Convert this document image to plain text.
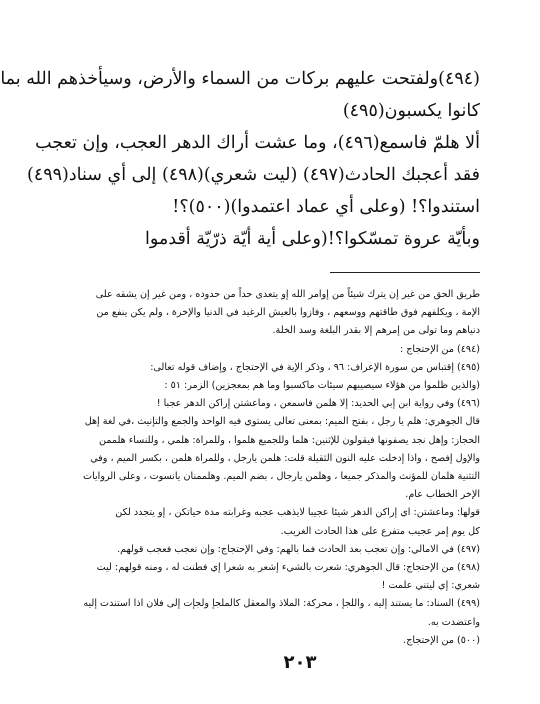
(٤٩٤)ولفتحت عليهم بركات من السماء والأرض، وسيأخذهم الله بما

كانوا يكسبون(٤٩٥)

ألا هلمّ فاسمع(٤٩٦)، وما عشت أراك الدهر العجب، وإن تعجب

فقد أعجبك الحادث(٤٩٧) (ليت شعري)(٤٩٨) إلى أي سناد(٤٩٩)

استندوا؟! (وعلى أي عماد اعتمدوا)(٥٠٠)؟!

وبأيّة عروة تمسّكوا؟!(وعلى أية أيّة ذرّيّة أقدموا

طريق الحق من غير إن يترك شيئاً من إوامر الله إو يتعدى حداً من حدوده ، ومن غير إن يشقه على

الإمة ، ويكلفهم فوق طاقتهم ووسعهم ، وفازوا بالعيش الرغيد في الدنيا والإخرة ، ولم يكن ينفع من

دنياهم وما تولى من إمرهم إلا بقدر البلغة وسد الخلة.

(٤٩٤) من الإحتجاج :

(٤٩٥) إقتباس من سورة الإعراف: ٩٦ ، وذكر الإية في الإحتجاج ، وإضاف قوله تعالى:

(والذين ظلموا من هؤلاء سيصيبهم سيئات ماكسبوا وما هم بمعجزين) الزمر: ٥١ :

(٤٩٦) وفي رواية ابن إبي الحديد: إلا هلمن فاسمعن ، وماعشتن إراكن الدهر عجبا !

قال الجوهري: هلم يا رجل ، بفتح الميم: بمعنى تعالى يستوي فيه الواحد والجمع والتإنيث ،في لغة إهل

الحجاز: وإهل نجد يصفونها فيقولون للإثنين: هلما وللجميع هلموا ، وللمراة: هلمي ، وللنساء هلممن

والإول إفصح ، واذا إدخلت عليه النون الثقيلة قلت: هلمن يارجل ، وللمراة هلمن ، بكسر الميم ، وفي

التثنية هلمان للمؤنث والمذكر جميعا ، وهلمن يارجال ، بضم الميم. وهلممنان يانسوت ، وعلى الروايات

الإخر الخطاب عام.

قولها: وماعشتن: اي إراكن الدهر شيئا عجيبا لايذهب عجبه وغرابته مدة حياتكن ، إو يتجدد لكن

كل يوم إمر عجيب متفرع على هذا الحادث الغريب.

(٤٩٧) في الامالي: وإن تعجب بعد الحادث فما بالهم: وفي الإحتجاج: وإن تعجب فعجب قولهم.

(٤٩٨) من الإحتجاج: قال الجوهري: شعرت بالشيء إشعر به شعرا إي فطنت له ، ومنه قولهم: ليت

شعري: إي ليتني علمت !

(٤٩٩) السناد: ما يستند إليه ، واللجإ ، محركة: الملاذ والمعقل كالملجإ ولجإت إلى فلان اذا استندت إليه

واعتضدت به.

(٥٠٠) من الإحتجاج.

٢٠٣
